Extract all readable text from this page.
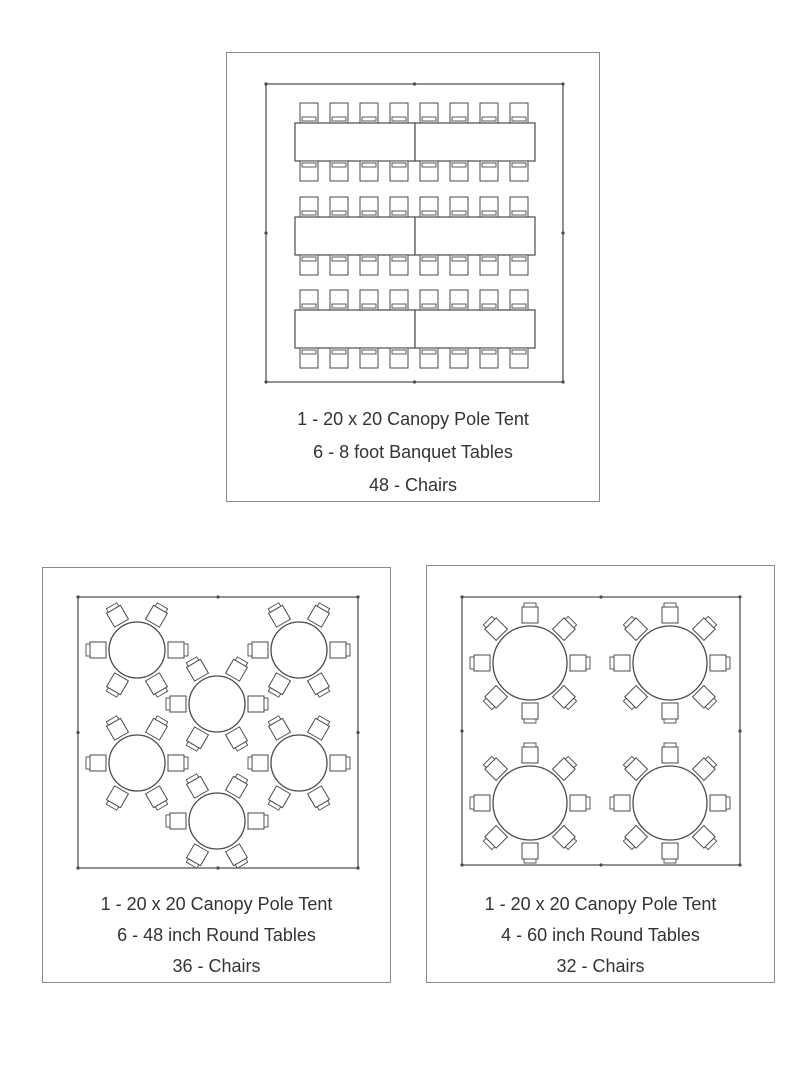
1 - 20 x 20 Canopy Pole Tent
6 - 8 foot Banquet Tables
48 - Chairs
1 - 20 x 20 Canopy Pole Tent
6 - 48 inch Round Tables
36 - Chairs
1 - 20 x 20 Canopy Pole Tent
4 - 60 inch Round Tables
32 - Chairs
